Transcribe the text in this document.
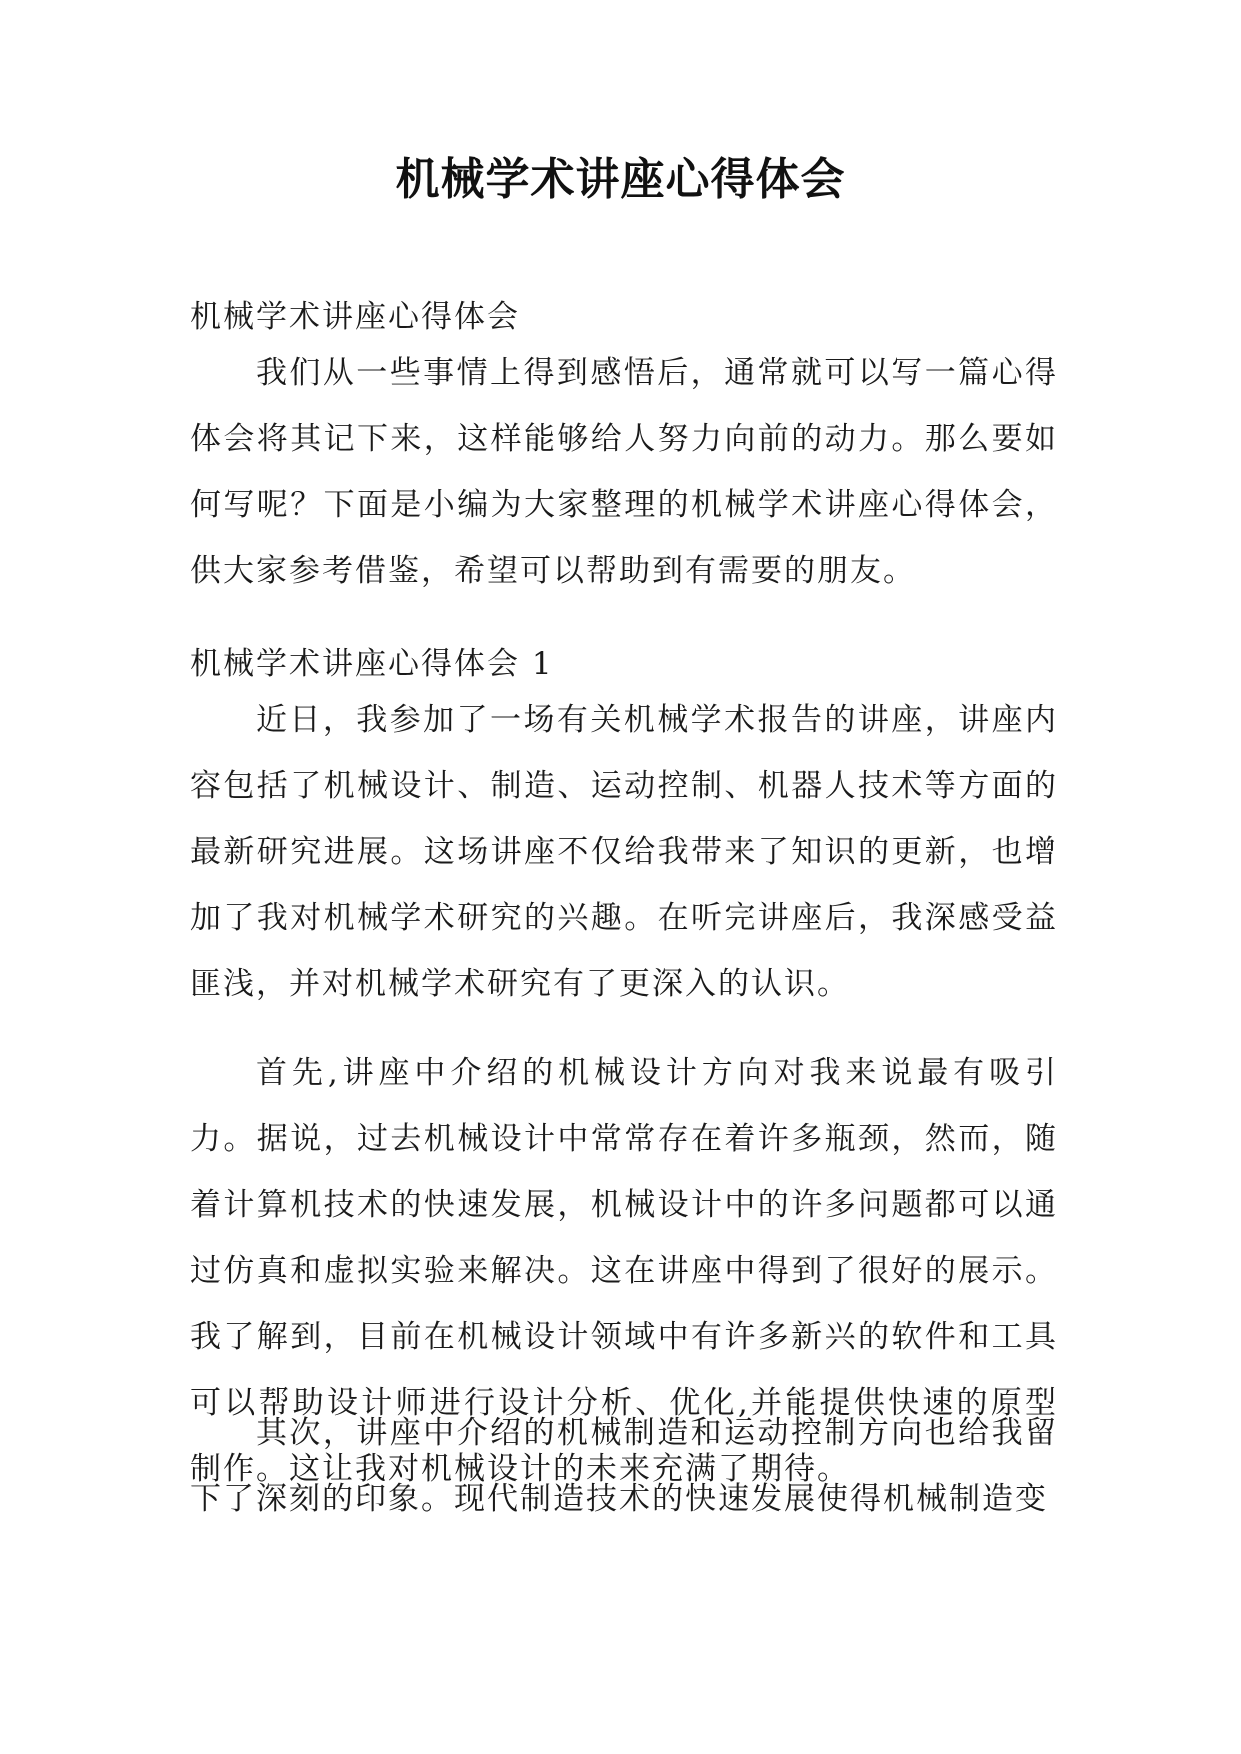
机械学术讲座心得体会

机械学术讲座心得体会

我们从一些事情上得到感悟后，通常就可以写一篇心得体会将其记下来，这样能够给人努力向前的动力。那么要如何写呢？下面是小编为大家整理的机械学术讲座心得体会，供大家参考借鉴，希望可以帮助到有需要的朋友。

机械学术讲座心得体会 1

近日，我参加了一场有关机械学术报告的讲座，讲座内容包括了机械设计、制造、运动控制、机器人技术等方面的最新研究进展。这场讲座不仅给我带来了知识的更新，也增加了我对机械学术研究的兴趣。在听完讲座后，我深感受益匪浅，并对机械学术研究有了更深入的认识。

首先,讲座中介绍的机械设计方向对我来说最有吸引力。据说，过去机械设计中常常存在着许多瓶颈，然而，随着计算机技术的快速发展，机械设计中的许多问题都可以通过仿真和虚拟实验来解决。这在讲座中得到了很好的展示。我了解到，目前在机械设计领域中有许多新兴的软件和工具可以帮助设计师进行设计分析、优化,并能提供快速的原型制作。这让我对机械设计的未来充满了期待。

其次，讲座中介绍的机械制造和运动控制方向也给我留下了深刻的印象。现代制造技术的快速发展使得机械制造变
